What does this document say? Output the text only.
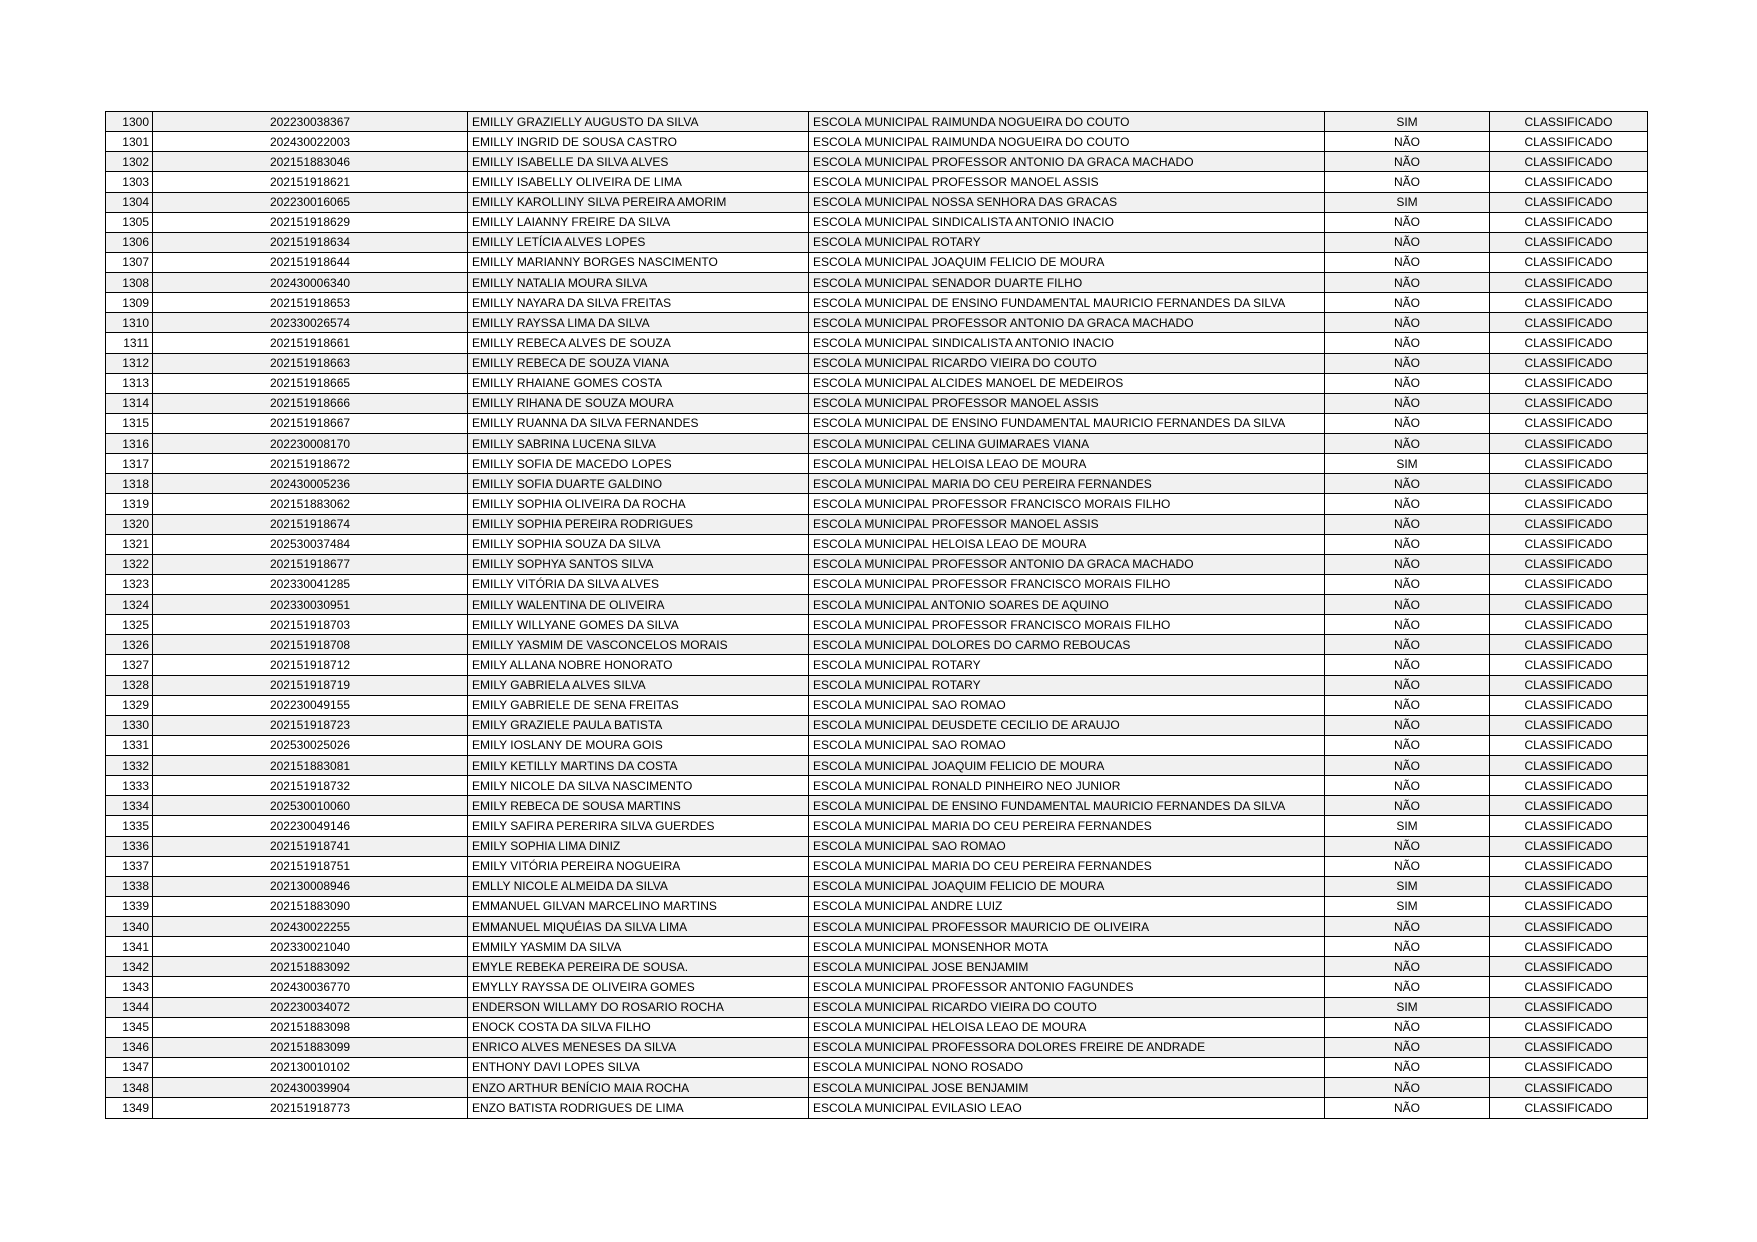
1300	202230038367	EMILLY GRAZIELLY AUGUSTO DA SILVA	ESCOLA MUNICIPAL RAIMUNDA NOGUEIRA DO COUTO	SIM	CLASSIFICADO
1301	202430022003	EMILLY INGRID DE SOUSA CASTRO	ESCOLA MUNICIPAL RAIMUNDA NOGUEIRA DO COUTO	NÃO	CLASSIFICADO
1302	202151883046	EMILLY ISABELLE DA SILVA ALVES	ESCOLA MUNICIPAL PROFESSOR ANTONIO DA GRACA MACHADO	NÃO	CLASSIFICADO
1303	202151918621	EMILLY ISABELLY OLIVEIRA DE LIMA	ESCOLA MUNICIPAL PROFESSOR MANOEL ASSIS	NÃO	CLASSIFICADO
1304	202230016065	EMILLY KAROLLINY SILVA PEREIRA AMORIM	ESCOLA MUNICIPAL NOSSA SENHORA DAS GRACAS	SIM	CLASSIFICADO
1305	202151918629	EMILLY LAIANNY FREIRE DA SILVA	ESCOLA MUNICIPAL SINDICALISTA ANTONIO INACIO	NÃO	CLASSIFICADO
1306	202151918634	EMILLY LETÍCIA ALVES LOPES	ESCOLA MUNICIPAL ROTARY	NÃO	CLASSIFICADO
1307	202151918644	EMILLY MARIANNY BORGES NASCIMENTO	ESCOLA MUNICIPAL JOAQUIM FELICIO DE MOURA	NÃO	CLASSIFICADO
1308	202430006340	EMILLY NATALIA MOURA SILVA	ESCOLA MUNICIPAL SENADOR DUARTE FILHO	NÃO	CLASSIFICADO
1309	202151918653	EMILLY NAYARA DA SILVA FREITAS	ESCOLA MUNICIPAL DE ENSINO FUNDAMENTAL MAURICIO FERNANDES DA SILVA	NÃO	CLASSIFICADO
1310	202330026574	EMILLY RAYSSA LIMA DA SILVA	ESCOLA MUNICIPAL PROFESSOR ANTONIO DA GRACA MACHADO	NÃO	CLASSIFICADO
1311	202151918661	EMILLY REBECA ALVES DE SOUZA	ESCOLA MUNICIPAL SINDICALISTA ANTONIO INACIO	NÃO	CLASSIFICADO
1312	202151918663	EMILLY REBECA DE SOUZA VIANA	ESCOLA MUNICIPAL RICARDO VIEIRA DO COUTO	NÃO	CLASSIFICADO
1313	202151918665	EMILLY RHAIANE GOMES COSTA	ESCOLA MUNICIPAL ALCIDES MANOEL DE MEDEIROS	NÃO	CLASSIFICADO
1314	202151918666	EMILLY RIHANA DE SOUZA MOURA	ESCOLA MUNICIPAL PROFESSOR MANOEL ASSIS	NÃO	CLASSIFICADO
1315	202151918667	EMILLY RUANNA DA SILVA FERNANDES	ESCOLA MUNICIPAL DE ENSINO FUNDAMENTAL MAURICIO FERNANDES DA SILVA	NÃO	CLASSIFICADO
1316	202230008170	EMILLY SABRINA LUCENA SILVA	ESCOLA MUNICIPAL CELINA GUIMARAES VIANA	NÃO	CLASSIFICADO
1317	202151918672	EMILLY SOFIA DE MACEDO LOPES	ESCOLA MUNICIPAL HELOISA LEAO DE MOURA	SIM	CLASSIFICADO
1318	202430005236	EMILLY SOFIA DUARTE GALDINO	ESCOLA MUNICIPAL MARIA DO CEU PEREIRA FERNANDES	NÃO	CLASSIFICADO
1319	202151883062	EMILLY SOPHIA OLIVEIRA DA ROCHA	ESCOLA MUNICIPAL PROFESSOR FRANCISCO MORAIS FILHO	NÃO	CLASSIFICADO
1320	202151918674	EMILLY SOPHIA PEREIRA RODRIGUES	ESCOLA MUNICIPAL PROFESSOR MANOEL ASSIS	NÃO	CLASSIFICADO
1321	202530037484	EMILLY SOPHIA SOUZA DA SILVA	ESCOLA MUNICIPAL HELOISA LEAO DE MOURA	NÃO	CLASSIFICADO
1322	202151918677	EMILLY SOPHYA SANTOS SILVA	ESCOLA MUNICIPAL PROFESSOR ANTONIO DA GRACA MACHADO	NÃO	CLASSIFICADO
1323	202330041285	EMILLY VITÓRIA DA SILVA ALVES	ESCOLA MUNICIPAL PROFESSOR FRANCISCO MORAIS FILHO	NÃO	CLASSIFICADO
1324	202330030951	EMILLY WALENTINA DE OLIVEIRA	ESCOLA MUNICIPAL ANTONIO SOARES DE AQUINO	NÃO	CLASSIFICADO
1325	202151918703	EMILLY WILLYANE GOMES DA SILVA	ESCOLA MUNICIPAL PROFESSOR FRANCISCO MORAIS FILHO	NÃO	CLASSIFICADO
1326	202151918708	EMILLY YASMIM DE VASCONCELOS MORAIS	ESCOLA MUNICIPAL DOLORES DO CARMO REBOUCAS	NÃO	CLASSIFICADO
1327	202151918712	EMILY ALLANA NOBRE HONORATO	ESCOLA MUNICIPAL ROTARY	NÃO	CLASSIFICADO
1328	202151918719	EMILY GABRIELA ALVES SILVA	ESCOLA MUNICIPAL ROTARY	NÃO	CLASSIFICADO
1329	202230049155	EMILY GABRIELE DE SENA FREITAS	ESCOLA MUNICIPAL SAO ROMAO	NÃO	CLASSIFICADO
1330	202151918723	EMILY GRAZIELE PAULA BATISTA	ESCOLA MUNICIPAL DEUSDETE CECILIO DE ARAUJO	NÃO	CLASSIFICADO
1331	202530025026	EMILY IOSLANY DE MOURA GOIS	ESCOLA MUNICIPAL SAO ROMAO	NÃO	CLASSIFICADO
1332	202151883081	EMILY KETILLY MARTINS DA COSTA	ESCOLA MUNICIPAL JOAQUIM FELICIO DE MOURA	NÃO	CLASSIFICADO
1333	202151918732	EMILY NICOLE DA SILVA NASCIMENTO	ESCOLA MUNICIPAL RONALD PINHEIRO NEO JUNIOR	NÃO	CLASSIFICADO
1334	202530010060	EMILY REBECA DE SOUSA MARTINS	ESCOLA MUNICIPAL DE ENSINO FUNDAMENTAL MAURICIO FERNANDES DA SILVA	NÃO	CLASSIFICADO
1335	202230049146	EMILY SAFIRA PERERIRA SILVA GUERDES	ESCOLA MUNICIPAL MARIA DO CEU PEREIRA FERNANDES	SIM	CLASSIFICADO
1336	202151918741	EMILY SOPHIA LIMA DINIZ	ESCOLA MUNICIPAL SAO ROMAO	NÃO	CLASSIFICADO
1337	202151918751	EMILY VITÓRIA PEREIRA NOGUEIRA	ESCOLA MUNICIPAL MARIA DO CEU PEREIRA FERNANDES	NÃO	CLASSIFICADO
1338	202130008946	EMLLY NICOLE ALMEIDA DA SILVA	ESCOLA MUNICIPAL JOAQUIM FELICIO DE MOURA	SIM	CLASSIFICADO
1339	202151883090	EMMANUEL GILVAN MARCELINO MARTINS	ESCOLA MUNICIPAL ANDRE LUIZ	SIM	CLASSIFICADO
1340	202430022255	EMMANUEL MIQUÉIAS DA SILVA LIMA	ESCOLA MUNICIPAL PROFESSOR MAURICIO DE OLIVEIRA	NÃO	CLASSIFICADO
1341	202330021040	EMMILY YASMIM DA SILVA	ESCOLA MUNICIPAL MONSENHOR MOTA	NÃO	CLASSIFICADO
1342	202151883092	EMYLE REBEKA PEREIRA DE SOUSA.	ESCOLA MUNICIPAL JOSE BENJAMIM	NÃO	CLASSIFICADO
1343	202430036770	EMYLLY RAYSSA DE OLIVEIRA GOMES	ESCOLA MUNICIPAL PROFESSOR ANTONIO FAGUNDES	NÃO	CLASSIFICADO
1344	202230034072	ENDERSON WILLAMY DO ROSARIO ROCHA	ESCOLA MUNICIPAL RICARDO VIEIRA DO COUTO	SIM	CLASSIFICADO
1345	202151883098	ENOCK COSTA DA SILVA FILHO	ESCOLA MUNICIPAL HELOISA LEAO DE MOURA	NÃO	CLASSIFICADO
1346	202151883099	ENRICO ALVES MENESES DA SILVA	ESCOLA MUNICIPAL PROFESSORA DOLORES FREIRE DE ANDRADE	NÃO	CLASSIFICADO
1347	202130010102	ENTHONY DAVI LOPES SILVA	ESCOLA MUNICIPAL NONO ROSADO	NÃO	CLASSIFICADO
1348	202430039904	ENZO ARTHUR BENÍCIO MAIA ROCHA	ESCOLA MUNICIPAL JOSE BENJAMIM	NÃO	CLASSIFICADO
1349	202151918773	ENZO BATISTA RODRIGUES DE LIMA	ESCOLA MUNICIPAL EVILASIO LEAO	NÃO	CLASSIFICADO
